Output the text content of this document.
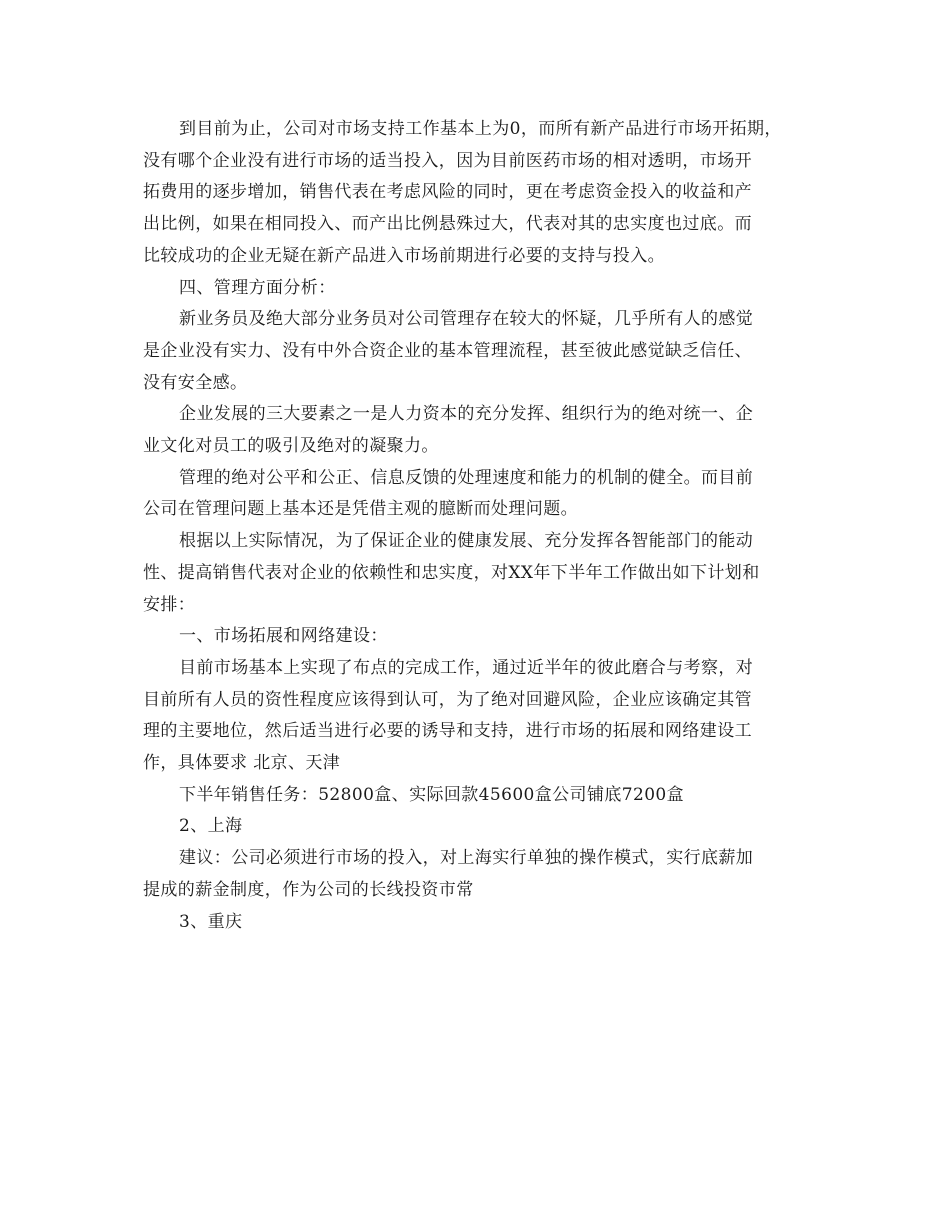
到目前为止，公司对市场支持工作基本上为0，而所有新产品进行市场开拓期，
没有哪个企业没有进行市场的适当投入，因为目前医药市场的相对透明，市场开
拓费用的逐步增加，销售代表在考虑风险的同时，更在考虑资金投入的收益和产
出比例，如果在相同投入、而产出比例悬殊过大，代表对其的忠实度也过底。而
比较成功的企业无疑在新产品进入市场前期进行必要的支持与投入。

四、管理方面分析：

新业务员及绝大部分业务员对公司管理存在较大的怀疑，几乎所有人的感觉
是企业没有实力、没有中外合资企业的基本管理流程，甚至彼此感觉缺乏信任、
没有安全感。

企业发展的三大要素之一是人力资本的充分发挥、组织行为的绝对统一、企
业文化对员工的吸引及绝对的凝聚力。

管理的绝对公平和公正、信息反馈的处理速度和能力的机制的健全。而目前
公司在管理问题上基本还是凭借主观的臆断而处理问题。

根据以上实际情况，为了保证企业的健康发展、充分发挥各智能部门的能动
性、提高销售代表对企业的依赖性和忠实度，对XX年下半年工作做出如下计划和
安排：

一、市场拓展和网络建设：

目前市场基本上实现了布点的完成工作，通过近半年的彼此磨合与考察，对
目前所有人员的资性程度应该得到认可，为了绝对回避风险，企业应该确定其管
理的主要地位，然后适当进行必要的诱导和支持，进行市场的拓展和网络建设工
作，具体要求 北京、天津

下半年销售任务：52800盒、实际回款45600盒公司铺底7200盒

2、上海

建议：公司必须进行市场的投入，对上海实行单独的操作模式，实行底薪加
提成的薪金制度，作为公司的长线投资市常

3、重庆
